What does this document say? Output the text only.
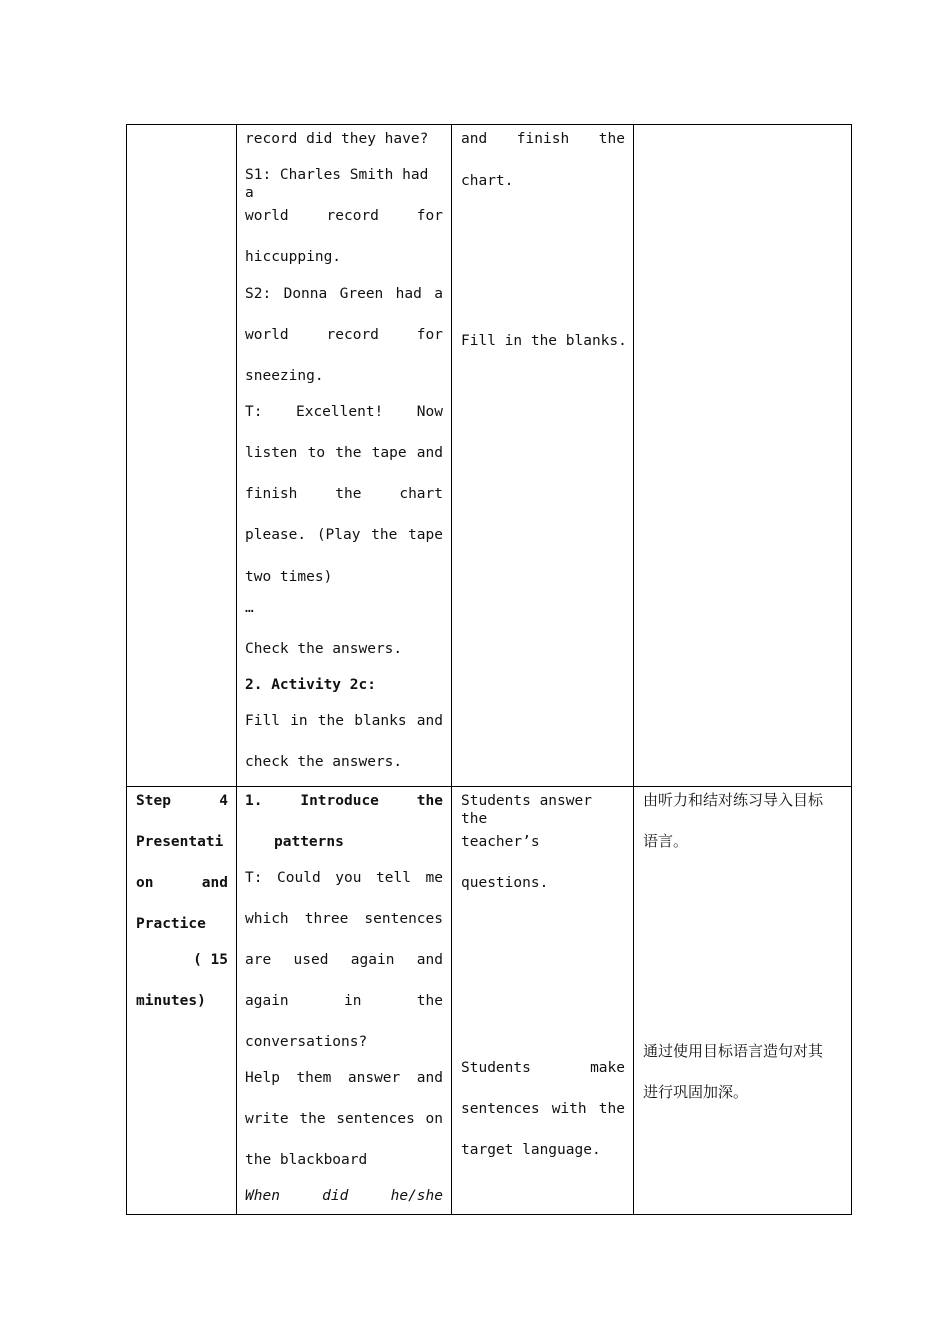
record did they have?
S1: Charles Smith had a
world record for
hiccupping.
S2: Donna Green had a
world record for
sneezing.
T: Excellent! Now
listen to the tape and
finish the chart
please. (Play the tape
two times)
…
Check the answers.
2. Activity 2c:
Fill in the blanks and
check the answers.
and finish the
chart.
Fill in the blanks.
Step 4
Presentati
on and
Practice
( 15
minutes)
1. Introduce the
patterns
T: Could you tell me
which three sentences
are used again and
again in the
conversations?
Help them answer and
write the sentences on
the blackboard
When did he/she
Students answer the
teacher’s
questions.
Students make
sentences with the
target language.
由听力和结对练习导入目标
语言。
通过使用目标语言造句对其
进行巩固加深。
